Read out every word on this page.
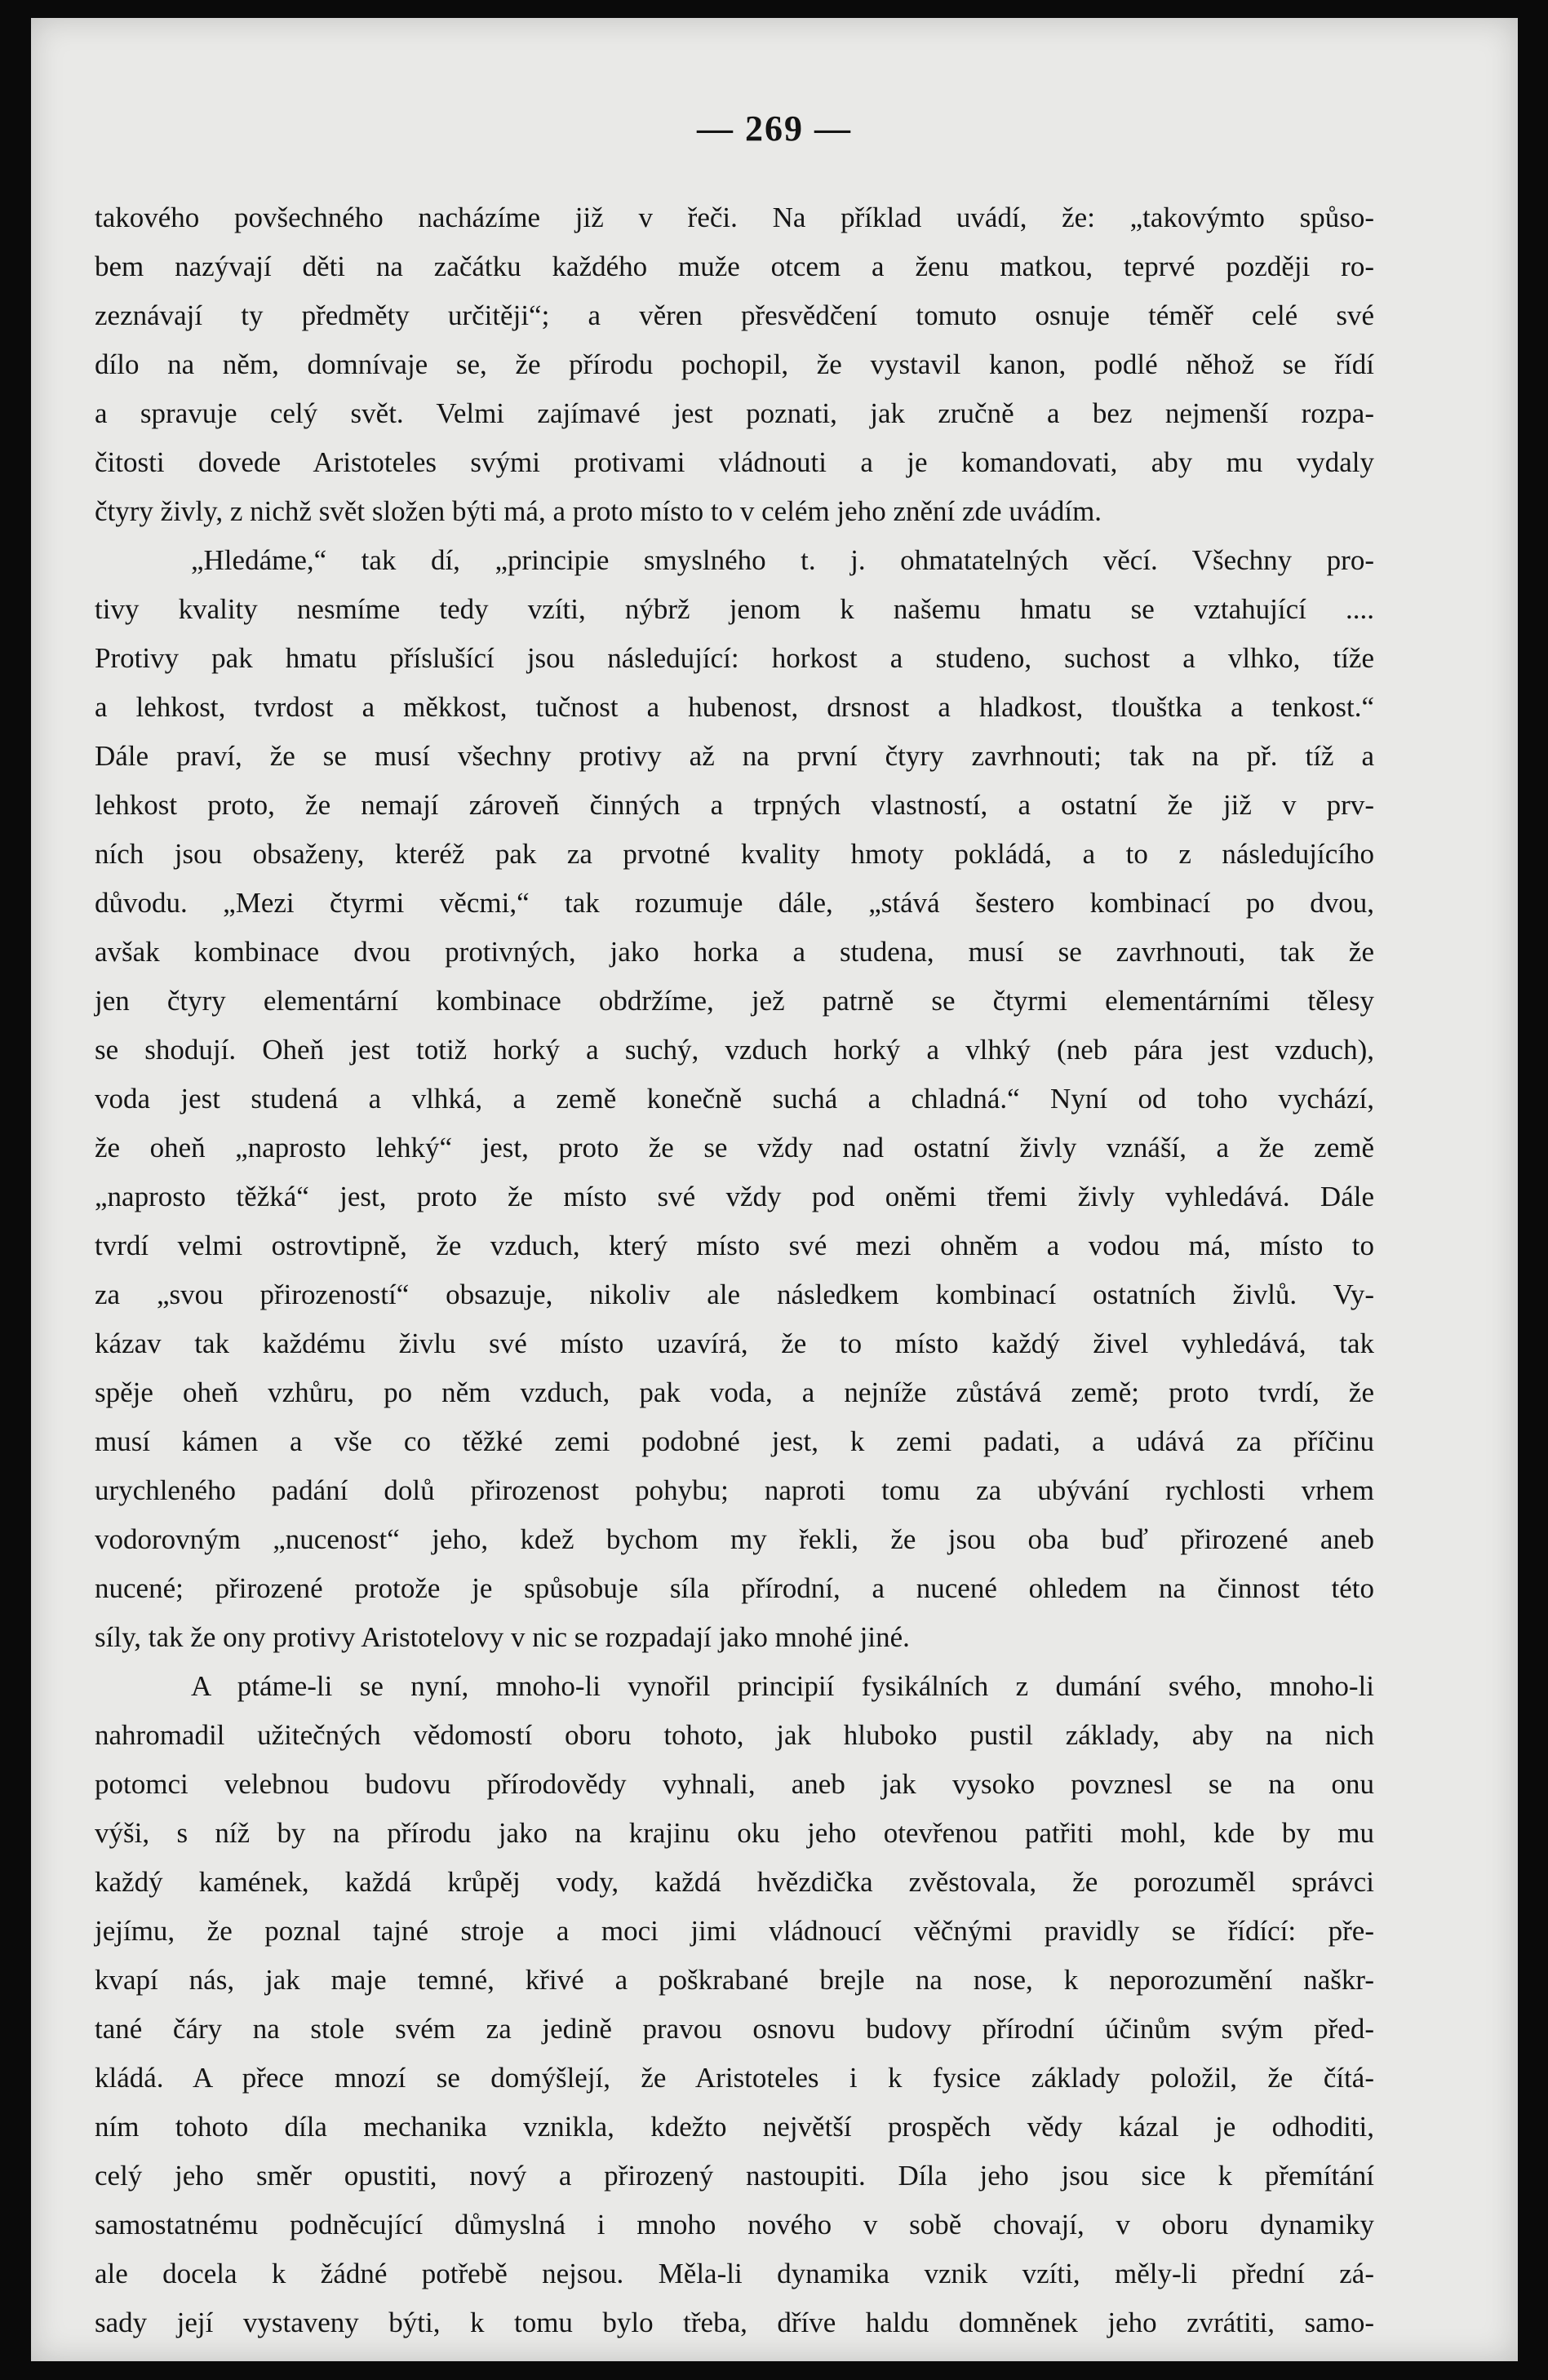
— 269 —
takového povšechného nacházíme již v řeči. Na příklad uvádí, že: „takovýmto spůso-
bem nazývají děti na začátku každého muže otcem a ženu matkou, teprvé později ro-
zeznávají ty předměty určitěji“; a věren přesvědčení tomuto osnuje téměř celé své
dílo na něm, domnívaje se, že přírodu pochopil, že vystavil kanon, podlé něhož se řídí
a spravuje celý svět. Velmi zajímavé jest poznati, jak zručně a bez nejmenší rozpa-
čitosti dovede Aristoteles svými protivami vládnouti a je komandovati, aby mu vydaly
čtyry živly, z nichž svět složen býti má, a proto místo to v celém jeho znění zde uvádím.
„Hledáme,“ tak dí, „principie smyslného t. j. ohmatatelných věcí. Všechny pro-
tivy kvality nesmíme tedy vzíti, nýbrž jenom k našemu hmatu se vztahující ....
Protivy pak hmatu příslušící jsou následující: horkost a studeno, suchost a vlhko, tíže
a lehkost, tvrdost a měkkost, tučnost a hubenost, drsnost a hladkost, tlouštka a tenkost.“
Dále praví, že se musí všechny protivy až na první čtyry zavrhnouti; tak na př. tíž a
lehkost proto, že nemají zároveň činných a trpných vlastností, a ostatní že již v prv-
ních jsou obsaženy, kteréž pak za prvotné kvality hmoty pokládá, a to z následujícího
důvodu. „Mezi čtyrmi věcmi,“ tak rozumuje dále, „stává šestero kombinací po dvou,
avšak kombinace dvou protivných, jako horka a studena, musí se zavrhnouti, tak že
jen čtyry elementární kombinace obdržíme, jež patrně se čtyrmi elementárními tělesy
se shodují. Oheň jest totiž horký a suchý, vzduch horký a vlhký (neb pára jest vzduch),
voda jest studená a vlhká, a země konečně suchá a chladná.“ Nyní od toho vychází,
že oheň „naprosto lehký“ jest, proto že se vždy nad ostatní živly vznáší, a že země
„naprosto těžká“ jest, proto že místo své vždy pod oněmi třemi živly vyhledává. Dále
tvrdí velmi ostrovtipně, že vzduch, který místo své mezi ohněm a vodou má, místo to
za „svou přirozeností“ obsazuje, nikoliv ale následkem kombinací ostatních živlů. Vy-
kázav tak každému živlu své místo uzavírá, že to místo každý živel vyhledává, tak
spěje oheň vzhůru, po něm vzduch, pak voda, a nejníže zůstává země; proto tvrdí, že
musí kámen a vše co těžké zemi podobné jest, k zemi padati, a udává za příčinu
urychleného padání dolů přirozenost pohybu; naproti tomu za ubývání rychlosti vrhem
vodorovným „nucenost“ jeho, kdež bychom my řekli, že jsou oba buď přirozené aneb
nucené; přirozené protože je spůsobuje síla přírodní, a nucené ohledem na činnost této
síly, tak že ony protivy Aristotelovy v nic se rozpadají jako mnohé jiné.
A ptáme-li se nyní, mnoho-li vynořil principií fysikálních z dumání svého, mnoho-li
nahromadil užitečných vědomostí oboru tohoto, jak hluboko pustil základy, aby na nich
potomci velebnou budovu přírodovědy vyhnali, aneb jak vysoko povznesl se na onu
výši, s níž by na přírodu jako na krajinu oku jeho otevřenou patřiti mohl, kde by mu
každý kamének, každá krůpěj vody, každá hvězdička zvěstovala, že porozuměl správci
jejímu, že poznal tajné stroje a moci jimi vládnoucí věčnými pravidly se řídící: pře-
kvapí nás, jak maje temné, křivé a poškrabané brejle na nose, k neporozumění naškr-
tané čáry na stole svém za jedině pravou osnovu budovy přírodní účinům svým před-
kládá. A přece mnozí se domýšlejí, že Aristoteles i k fysice základy položil, že čítá-
ním tohoto díla mechanika vznikla, kdežto největší prospěch vědy kázal je odhoditi,
celý jeho směr opustiti, nový a přirozený nastoupiti. Díla jeho jsou sice k přemítání
samostatnému podněcující důmyslná i mnoho nového v sobě chovají, v oboru dynamiky
ale docela k žádné potřebě nejsou. Měla-li dynamika vznik vzíti, měly-li přední zá-
sady její vystaveny býti, k tomu bylo třeba, dříve haldu domněnek jeho zvrátiti, samo-
